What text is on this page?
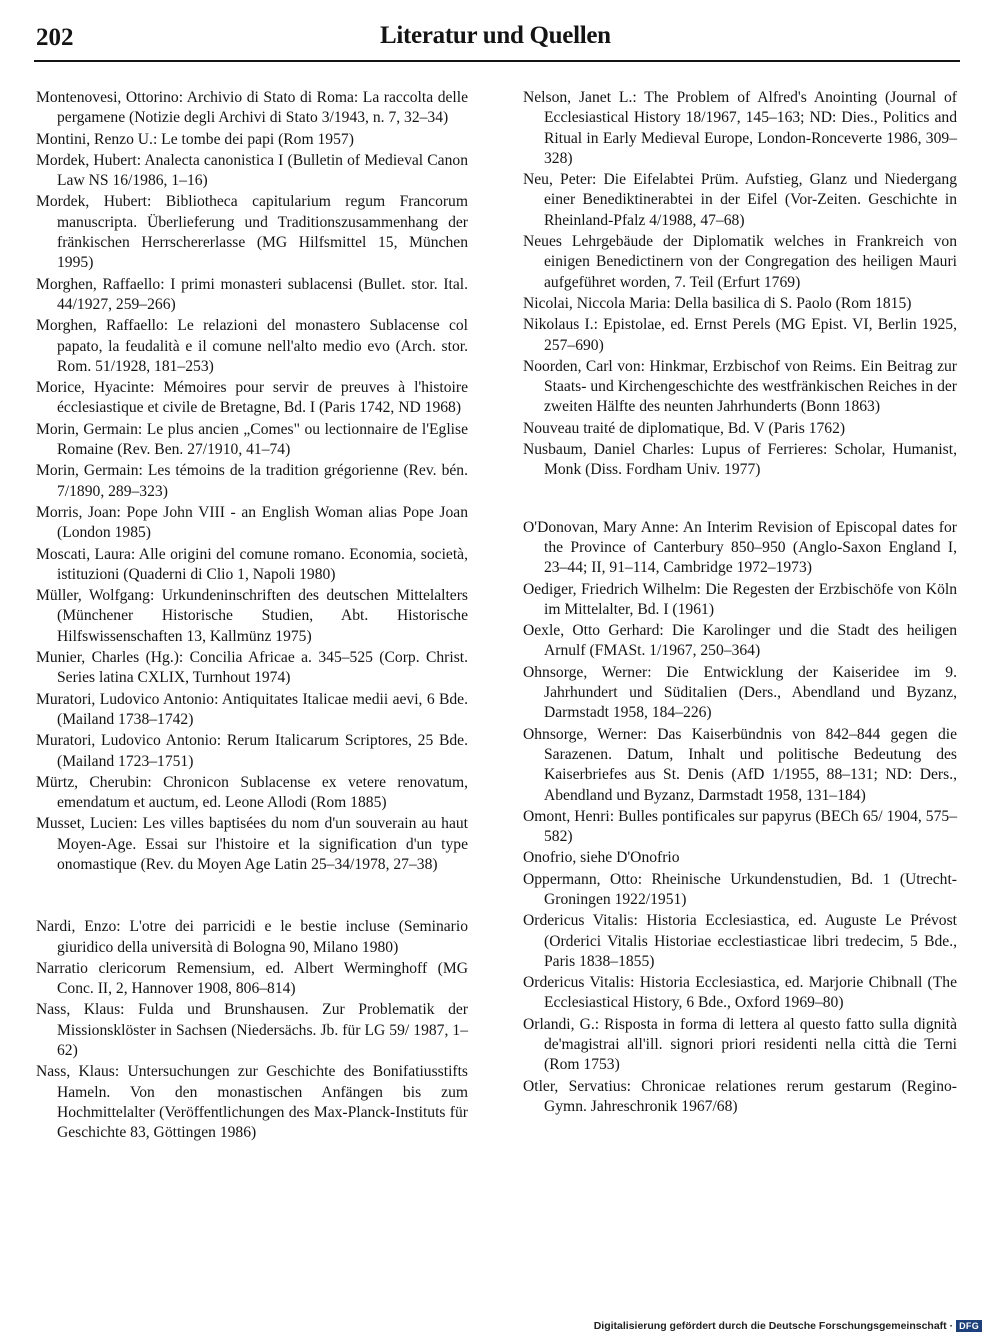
202	Literatur und Quellen

Montenovesi, Ottorino: Archivio di Stato di Roma: La raccolta delle pergamene (Notizie degli Archivi di Stato 3/1943, n. 7, 32–34)

Montini, Renzo U.: Le tombe dei papi (Rom 1957)

Mordek, Hubert: Analecta canonistica I (Bulletin of Medieval Canon Law NS 16/1986, 1–16)

Mordek, Hubert: Bibliotheca capitularium regum Francorum manuscripta. Überlieferung und Traditionszusammenhang der fränkischen Herrschererlasse (MG Hilfsmittel 15, München 1995)

Morghen, Raffaello: I primi monasteri sublacensi (Bullet. stor. Ital. 44/1927, 259–266)

Morghen, Raffaello: Le relazioni del monastero Sublacense col papato, la feudalità e il comune nell'alto medio evo (Arch. stor. Rom. 51/1928, 181–253)

Morice, Hyacinte: Mémoires pour servir de preuves à l'histoire écclesiastique et civile de Bretagne, Bd. I (Paris 1742, ND 1968)

Morin, Germain: Le plus ancien „Comes" ou lectionnaire de l'Eglise Romaine (Rev. Ben. 27/1910, 41–74)

Morin, Germain: Les témoins de la tradition grégorienne (Rev. bén. 7/1890, 289–323)

Morris, Joan: Pope John VIII - an English Woman alias Pope Joan (London 1985)

Moscati, Laura: Alle origini del comune romano. Economia, società, istituzioni (Quaderni di Clio 1, Napoli 1980)

Müller, Wolfgang: Urkundeninschriften des deutschen Mittelalters (Münchener Historische Studien, Abt. Historische Hilfswissenschaften 13, Kallmünz 1975)

Munier, Charles (Hg.): Concilia Africae a. 345–525 (Corp. Christ. Series latina CXLIX, Turnhout 1974)

Muratori, Ludovico Antonio: Antiquitates Italicae medii aevi, 6 Bde. (Mailand 1738–1742)

Muratori, Ludovico Antonio: Rerum Italicarum Scriptores, 25 Bde. (Mailand 1723–1751)

Mürtz, Cherubin: Chronicon Sublacense ex vetere renovatum, emendatum et auctum, ed. Leone Allodi (Rom 1885)

Musset, Lucien: Les villes baptisées du nom d'un souverain au haut Moyen-Age. Essai sur l'histoire et la signification d'un type onomastique (Rev. du Moyen Age Latin 25–34/1978, 27–38)

Nardi, Enzo: L'otre dei parricidi e le bestie incluse (Seminario giuridico della università di Bologna 90, Milano 1980)

Narratio clericorum Remensium, ed. Albert Werminghoff (MG Conc. II, 2, Hannover 1908, 806–814)

Nass, Klaus: Fulda und Brunshausen. Zur Problematik der Missionsklöster in Sachsen (Niedersächs. Jb. für LG 59/ 1987, 1–62)

Nass, Klaus: Untersuchungen zur Geschichte des Bonifatiusstifts Hameln. Von den monastischen Anfängen bis zum Hochmittelalter (Veröffentlichungen des Max-Planck-Instituts für Geschichte 83, Göttingen 1986)

Nelson, Janet L.: The Problem of Alfred's Anointing (Journal of Ecclesiastical History 18/1967, 145–163; ND: Dies., Politics and Ritual in Early Medieval Europe, London-Ronceverte 1986, 309–328)

Neu, Peter: Die Eifelabtei Prüm. Aufstieg, Glanz und Niedergang einer Benediktinerabtei in der Eifel (Vor-Zeiten. Geschichte in Rheinland-Pfalz 4/1988, 47–68)

Neues Lehrgebäude der Diplomatik welches in Frankreich von einigen Benedictinern von der Congregation des heiligen Mauri aufgeführet worden, 7. Teil (Erfurt 1769)

Nicolai, Niccola Maria: Della basilica di S. Paolo (Rom 1815)

Nikolaus I.: Epistolae, ed. Ernst Perels (MG Epist. VI, Berlin 1925, 257–690)

Noorden, Carl von: Hinkmar, Erzbischof von Reims. Ein Beitrag zur Staats- und Kirchengeschichte des westfränkischen Reiches in der zweiten Hälfte des neunten Jahrhunderts (Bonn 1863)

Nouveau traité de diplomatique, Bd. V (Paris 1762)

Nusbaum, Daniel Charles: Lupus of Ferrieres: Scholar, Humanist, Monk (Diss. Fordham Univ. 1977)

O'Donovan, Mary Anne: An Interim Revision of Episcopal dates for the Province of Canterbury 850–950 (Anglo-Saxon England I, 23–44; II, 91–114, Cambridge 1972–1973)

Oediger, Friedrich Wilhelm: Die Regesten der Erzbischöfe von Köln im Mittelalter, Bd. I (1961)

Oexle, Otto Gerhard: Die Karolinger und die Stadt des heiligen Arnulf (FMASt. 1/1967, 250–364)

Ohnsorge, Werner: Die Entwicklung der Kaiseridee im 9. Jahrhundert und Süditalien (Ders., Abendland und Byzanz, Darmstadt 1958, 184–226)

Ohnsorge, Werner: Das Kaiserbündnis von 842–844 gegen die Sarazenen. Datum, Inhalt und politische Bedeutung des Kaiserbriefes aus St. Denis (AfD 1/1955, 88–131; ND: Ders., Abendland und Byzanz, Darmstadt 1958, 131–184)

Omont, Henri: Bulles pontificales sur papyrus (BECh 65/ 1904, 575–582)

Onofrio, siehe D'Onofrio

Oppermann, Otto: Rheinische Urkundenstudien, Bd. 1 (Utrecht-Groningen 1922/1951)

Ordericus Vitalis: Historia Ecclesiastica, ed. Auguste Le Prévost (Orderici Vitalis Historiae ecclestiasticae libri tredecim, 5 Bde., Paris 1838–1855)

Ordericus Vitalis: Historia Ecclesiastica, ed. Marjorie Chibnall (The Ecclesiastical History, 6 Bde., Oxford 1969–80)

Orlandi, G.: Risposta in forma di lettera al questo fatto sulla dignità de'magistrai all'ill. signori priori residenti nella città die Terni (Rom 1753)

Otler, Servatius: Chronicae relationes rerum gestarum (Regino-Gymn. Jahreschronik 1967/68)

Digitalisierung gefördert durch die Deutsche Forschungsgemeinschaft · DFG
